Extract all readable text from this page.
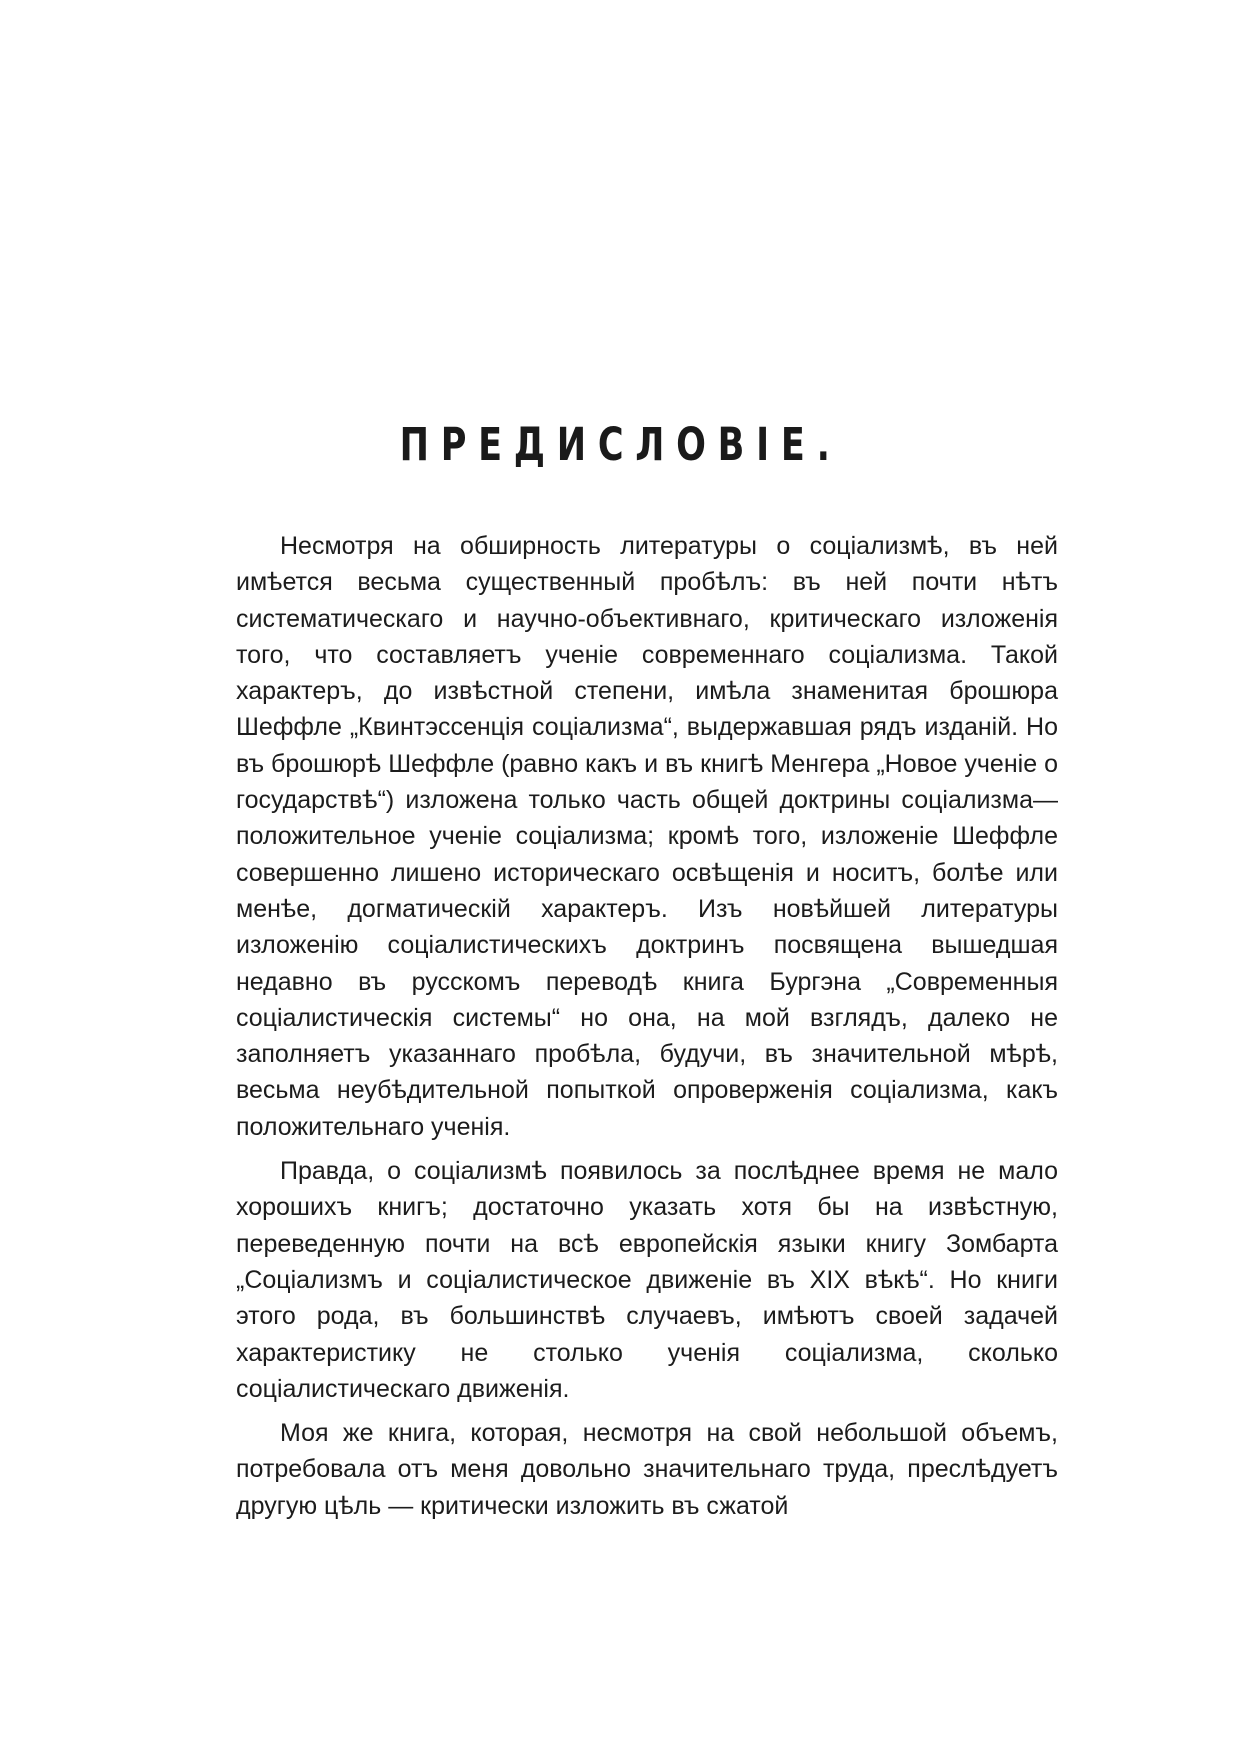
ПРЕДИСЛОВІЕ.

Несмотря на обширность литературы о соціализмѣ, въ ней имѣется весьма существенный пробѣлъ: въ ней почти нѣтъ систематическаго и научно-объективнаго, критическаго изложенія того, что составляетъ ученіе современнаго соціализма. Такой характеръ, до извѣстной степени, имѣла знаменитая брошюра Шеффле „Квинтэссенція соціализма“, выдержавшая рядъ изданій. Но въ брошюрѣ Шеффле (равно какъ и въ книгѣ Менгера „Новое ученіе о государствѣ“) изложена только часть общей доктрины соціализма—положительное ученіе соціализма; кромѣ того, изложеніе Шеффле совершенно лишено историческаго освѣщенія и носитъ, болѣе или менѣе, догматическій характеръ. Изъ новѣйшей литературы изложенію соціалистическихъ доктринъ посвящена вышедшая недавно въ русскомъ переводѣ книга Бургэна „Современныя соціалистическія системы“ но она, на мой взглядъ, далеко не заполняетъ указаннаго пробѣла, будучи, въ значительной мѣрѣ, весьма неубѣдительной попыткой опроверженія соціализма, какъ положительнаго ученія.

Правда, о соціализмѣ появилось за послѣднее время не мало хорошихъ книгъ; достаточно указать хотя бы на извѣстную, переведенную почти на всѣ европейскія языки книгу Зомбарта „Соціализмъ и соціалистическое движеніе въ XIX вѣкѣ“. Но книги этого рода, въ большинствѣ случаевъ, имѣютъ своей задачей характеристику не столько ученія соціализма, сколько соціалистическаго движенія.

Моя же книга, которая, несмотря на свой небольшой объемъ, потребовала отъ меня довольно значительнаго труда, преслѣдуетъ другую цѣль — критически изложить въ сжатой
